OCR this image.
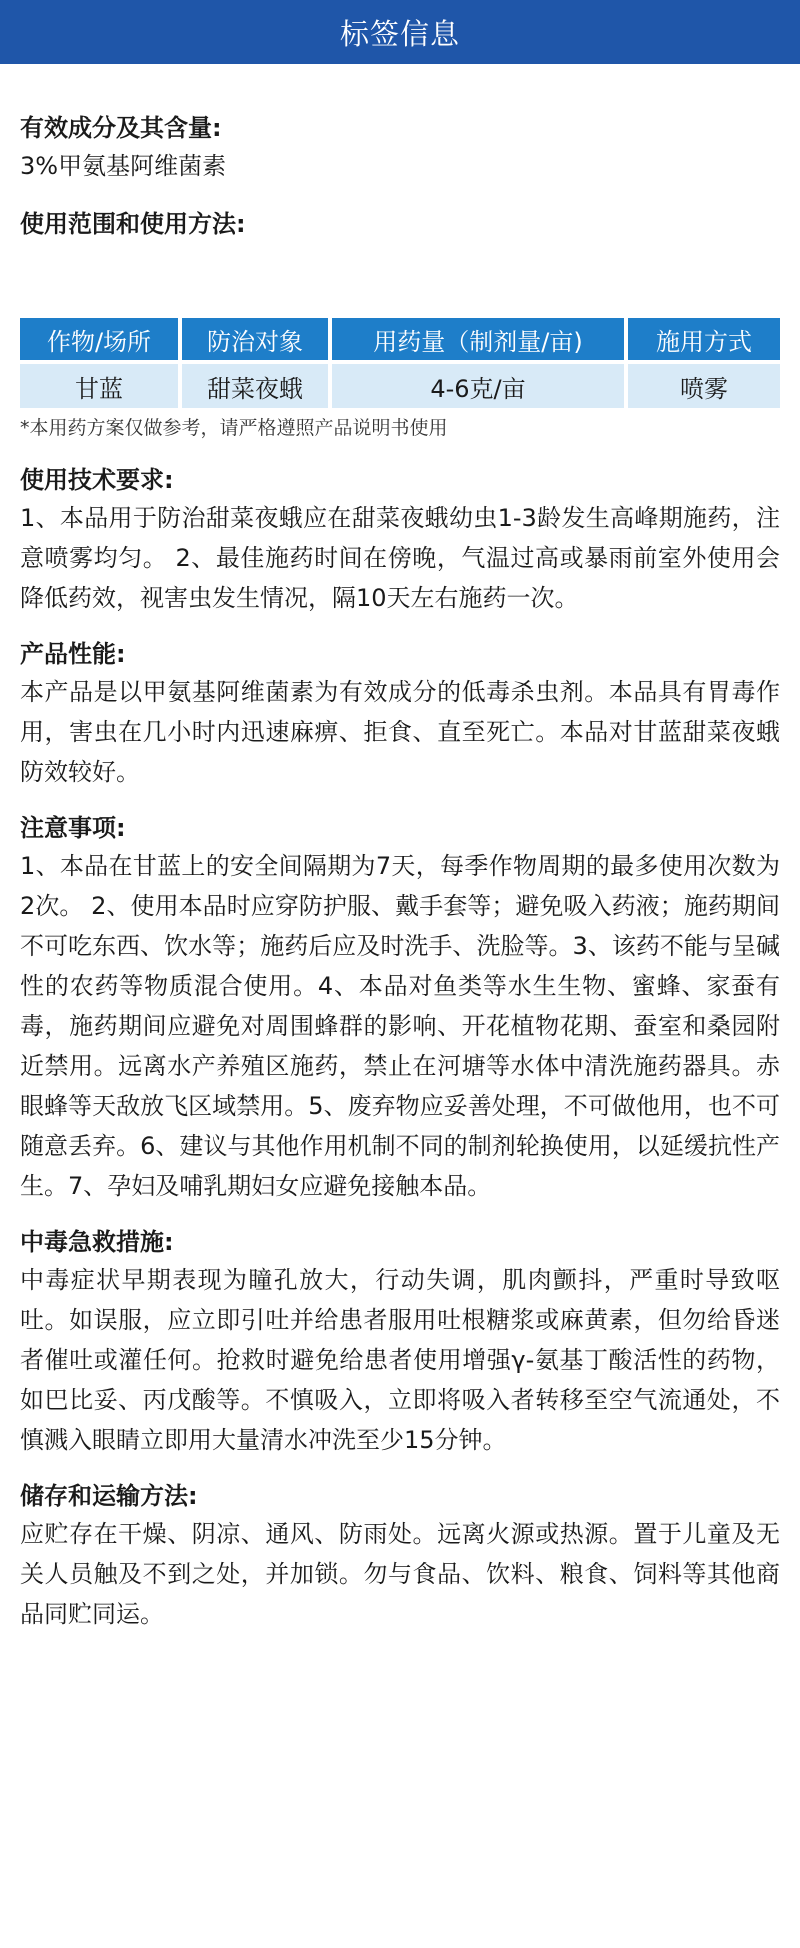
标签信息
有效成分及其含量:
3%甲氨基阿维菌素
使用范围和使用方法:
作物/场所	防治对象	用药量（制剂量/亩)	施用方式
甘蓝	甜菜夜蛾	4-6克/亩	喷雾
*本用药方案仅做参考，请严格遵照产品说明书使用
使用技术要求:
1、本品用于防治甜菜夜蛾应在甜菜夜蛾幼虫1-3龄发生高峰期施药，注意喷雾均匀。 2、最佳施药时间在傍晚，气温过高或暴雨前室外使用会降低药效，视害虫发生情况，隔10天左右施药一次。
产品性能:
本产品是以甲氨基阿维菌素为有效成分的低毒杀虫剂。本品具有胃毒作用，害虫在几小时内迅速麻痹、拒食、直至死亡。本品对甘蓝甜菜夜蛾防效较好。
注意事项:
1、本品在甘蓝上的安全间隔期为7天，每季作物周期的最多使用次数为2次。 2、使用本品时应穿防护服、戴手套等；避免吸入药液；施药期间不可吃东西、饮水等；施药后应及时洗手、洗脸等。3、该药不能与呈碱性的农药等物质混合使用。4、本品对鱼类等水生生物、蜜蜂、家蚕有毒，施药期间应避免对周围蜂群的影响、开花植物花期、蚕室和桑园附近禁用。远离水产养殖区施药，禁止在河塘等水体中清洗施药器具。赤眼蜂等天敌放飞区域禁用。5、废弃物应妥善处理，不可做他用，也不可随意丢弃。6、建议与其他作用机制不同的制剂轮换使用，以延缓抗性产生。7、孕妇及哺乳期妇女应避免接触本品。
中毒急救措施:
中毒症状早期表现为瞳孔放大，行动失调，肌肉颤抖，严重时导致呕吐。如误服，应立即引吐并给患者服用吐根糖浆或麻黄素，但勿给昏迷者催吐或灌任何。抢救时避免给患者使用增强γ-氨基丁酸活性的药物，如巴比妥、丙戊酸等。不慎吸入，立即将吸入者转移至空气流通处，不慎溅入眼睛立即用大量清水冲洗至少15分钟。
储存和运输方法:
应贮存在干燥、阴凉、通风、防雨处。远离火源或热源。置于儿童及无关人员触及不到之处，并加锁。勿与食品、饮料、粮食、饲料等其他商品同贮同运。
